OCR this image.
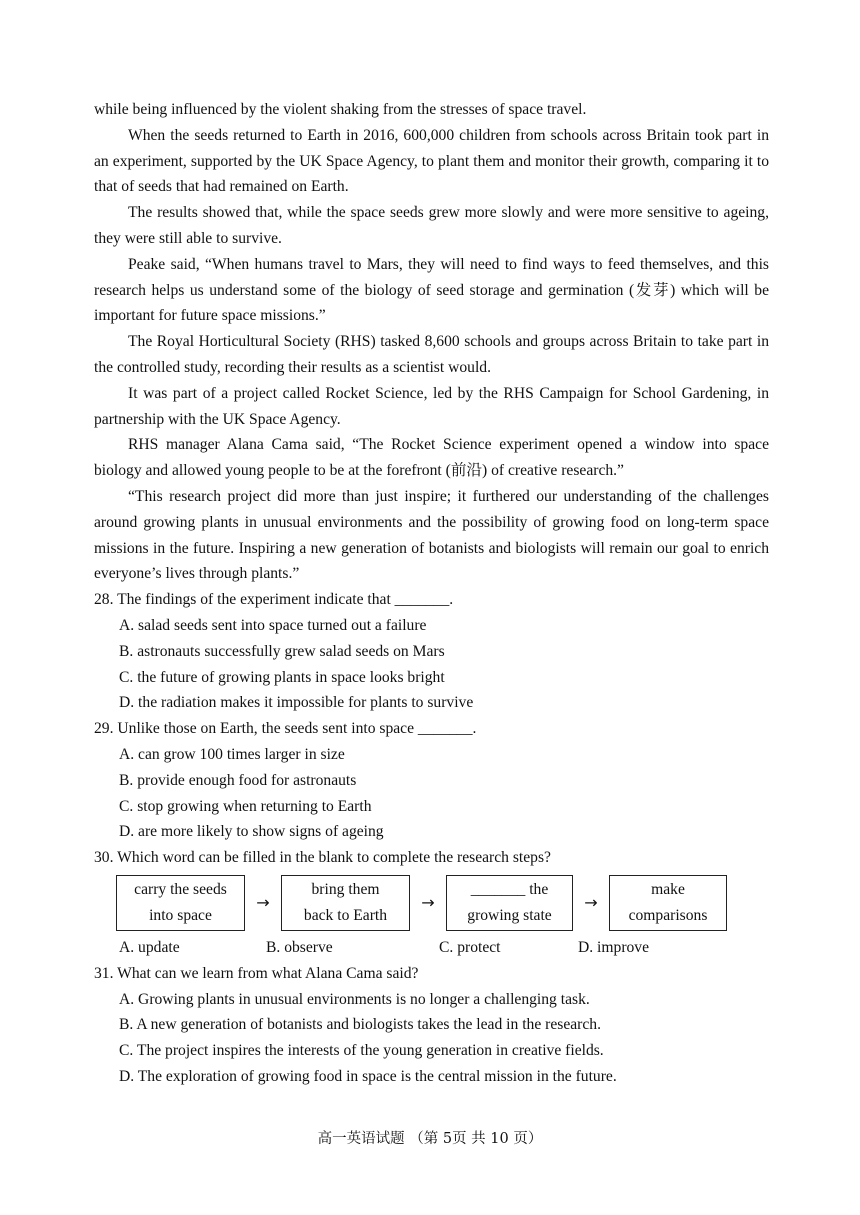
while being influenced by the violent shaking from the stresses of space travel.

When the seeds returned to Earth in 2016, 600,000 children from schools across Britain took part in an experiment, supported by the UK Space Agency, to plant them and monitor their growth, comparing it to that of seeds that had remained on Earth.

The results showed that, while the space seeds grew more slowly and were more sensitive to ageing, they were still able to survive.

Peake said, “When humans travel to Mars, they will need to find ways to feed themselves, and this research helps us understand some of the biology of seed storage and germination (发芽) which will be important for future space missions.”

The Royal Horticultural Society (RHS) tasked 8,600 schools and groups across Britain to take part in the controlled study, recording their results as a scientist would.

It was part of a project called Rocket Science, led by the RHS Campaign for School Gardening, in partnership with the UK Space Agency.

RHS manager Alana Cama said, “The Rocket Science experiment opened a window into space biology and allowed young people to be at the forefront (前沿) of creative research.”

“This research project did more than just inspire; it furthered our understanding of the challenges around growing plants in unusual environments and the possibility of growing food on long-term space missions in the future. Inspiring a new generation of botanists and biologists will remain our goal to enrich everyone’s lives through plants.”

28. The findings of the experiment indicate that _______.

A. salad seeds sent into space turned out a failure

B. astronauts successfully grew salad seeds on Mars

C. the future of growing plants in space looks bright

D. the radiation makes it impossible for plants to survive

29. Unlike those on Earth, the seeds sent into space _______.

A. can grow 100 times larger in size

B. provide enough food for astronauts

C. stop growing when returning to Earth

D. are more likely to show signs of ageing

30. Which word can be filled in the blank to complete the research steps?

carry the seeds
into space
→
bring them
back to Earth
→
_______ the
growing state
→
make
comparisons
A. update	B. observe	C. protect	D. improve

31. What can we learn from what Alana Cama said?

A. Growing plants in unusual environments is no longer a challenging task.

B. A new generation of botanists and biologists takes the lead in the research.

C. The project inspires the interests of the young generation in creative fields.

D. The exploration of growing food in space is the central mission in the future.

高一英语试题 （第 5页 共 10 页）
